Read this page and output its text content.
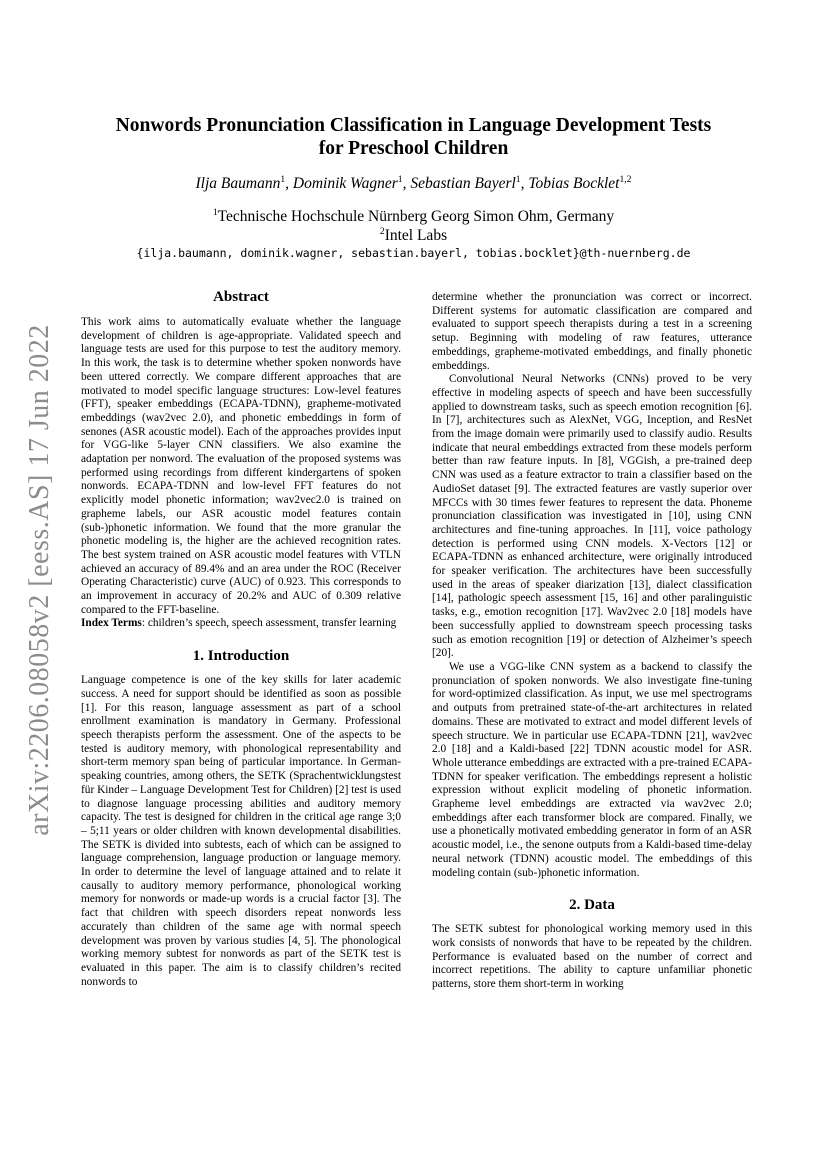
arXiv:2206.08058v2 [eess.AS] 17 Jun 2022
Nonwords Pronunciation Classification in Language Development Tests
for Preschool Children
Ilja Baumann$^1$, Dominik Wagner$^1$, Sebastian Bayerl$^1$, Tobias Bocklet$^{1,2}$
$^1$Technische Hochschule Nürnberg Georg Simon Ohm, Germany
$^2$Intel Labs
{ilja.baumann, dominik.wagner, sebastian.bayerl, tobias.bocklet}@th-nuernberg.de
Abstract

This work aims to automatically evaluate whether the language development of children is age-appropriate. Validated speech and language tests are used for this purpose to test the auditory memory. In this work, the task is to determine whether spoken nonwords have been uttered correctly. We compare different approaches that are motivated to model specific language structures: Low-level features (FFT), speaker embeddings (ECAPA-TDNN), grapheme-motivated embeddings (wav2vec 2.0), and phonetic embeddings in form of senones (ASR acoustic model). Each of the approaches provides input for VGG-like 5-layer CNN classifiers. We also examine the adaptation per nonword. The evaluation of the proposed systems was performed using recordings from different kindergartens of spoken nonwords. ECAPA-TDNN and low-level FFT features do not explicitly model phonetic information; wav2vec2.0 is trained on grapheme labels, our ASR acoustic model features contain (sub-)phonetic information. We found that the more granular the phonetic modeling is, the higher are the achieved recognition rates. The best system trained on ASR acoustic model features with VTLN achieved an accuracy of 89.4% and an area under the ROC (Receiver Operating Characteristic) curve (AUC) of 0.923. This corresponds to an improvement in accuracy of 20.2% and AUC of 0.309 relative compared to the FFT-baseline.

Index Terms: children’s speech, speech assessment, transfer learning

1. Introduction

Language competence is one of the key skills for later academic success. A need for support should be identified as soon as possible [1]. For this reason, language assessment as part of a school enrollment examination is mandatory in Germany. Professional speech therapists perform the assessment. One of the aspects to be tested is auditory memory, with phonological representability and short-term memory span being of particular importance. In German-speaking countries, among others, the SETK (Sprachentwicklungstest für Kinder – Language Development Test for Children) [2] test is used to diagnose language processing abilities and auditory memory capacity. The test is designed for children in the critical age range 3;0 – 5;11 years or older children with known developmental disabilities. The SETK is divided into subtests, each of which can be assigned to language comprehension, language production or language memory. In order to determine the level of language attained and to relate it causally to auditory memory performance, phonological working memory for nonwords or made-up words is a crucial factor [3]. The fact that children with speech disorders repeat nonwords less accurately than children of the same age with normal speech development was proven by various studies [4, 5]. The phonological working memory subtest for nonwords as part of the SETK test is evaluated in this paper. The aim is to classify children’s recited nonwords to

determine whether the pronunciation was correct or incorrect. Different systems for automatic classification are compared and evaluated to support speech therapists during a test in a screening setup. Beginning with modeling of raw features, utterance embeddings, grapheme-motivated embeddings, and finally phonetic embeddings.

Convolutional Neural Networks (CNNs) proved to be very effective in modeling aspects of speech and have been successfully applied to downstream tasks, such as speech emotion recognition [6]. In [7], architectures such as AlexNet, VGG, Inception, and ResNet from the image domain were primarily used to classify audio. Results indicate that neural embeddings extracted from these models perform better than raw feature inputs. In [8], VGGish, a pre-trained deep CNN was used as a feature extractor to train a classifier based on the AudioSet dataset [9]. The extracted features are vastly superior over MFCCs with 30 times fewer features to represent the data. Phoneme pronunciation classification was investigated in [10], using CNN architectures and fine-tuning approaches. In [11], voice pathology detection is performed using CNN models. X-Vectors [12] or ECAPA-TDNN as enhanced architecture, were originally introduced for speaker verification. The architectures have been successfully used in the areas of speaker diarization [13], dialect classification [14], pathologic speech assessment [15, 16] and other paralinguistic tasks, e.g., emotion recognition [17]. Wav2vec 2.0 [18] models have been successfully applied to downstream speech processing tasks such as emotion recognition [19] or detection of Alzheimer’s speech [20].

We use a VGG-like CNN system as a backend to classify the pronunciation of spoken nonwords. We also investigate fine-tuning for word-optimized classification. As input, we use mel spectrograms and outputs from pretrained state-of-the-art architectures in related domains. These are motivated to extract and model different levels of speech structure. We in particular use ECAPA-TDNN [21], wav2vec 2.0 [18] and a Kaldi-based [22] TDNN acoustic model for ASR. Whole utterance embeddings are extracted with a pre-trained ECAPA-TDNN for speaker verification. The embeddings represent a holistic expression without explicit modeling of phonetic information. Grapheme level embeddings are extracted via wav2vec 2.0; embeddings after each transformer block are compared. Finally, we use a phonetically motivated embedding generator in form of an ASR acoustic model, i.e., the senone outputs from a Kaldi-based time-delay neural network (TDNN) acoustic model. The embeddings of this modeling contain (sub-)phonetic information.

2. Data

The SETK subtest for phonological working memory used in this work consists of nonwords that have to be repeated by the children. Performance is evaluated based on the number of correct and incorrect repetitions. The ability to capture unfamiliar phonetic patterns, store them short-term in working
